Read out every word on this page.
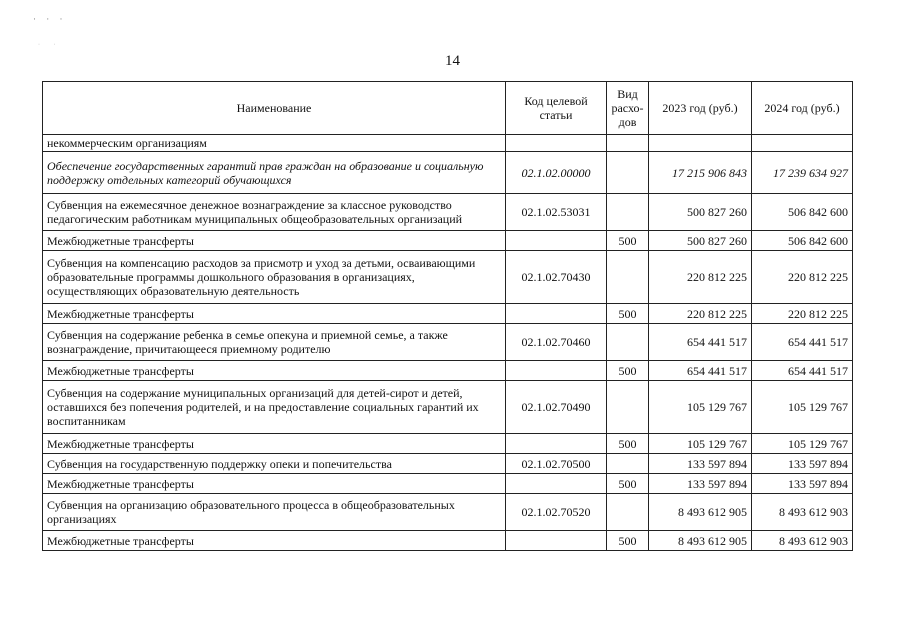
· · ·
· ·
14
Наименование	Код целевой статьи	Вид расхо- дов	2023 год (руб.)	2024 год (руб.)
некоммерческим организациям				
Обеспечение государственных гарантий прав граждан на образование и социальную поддержку отдельных категорий обучающихся	02.1.02.00000		17 215 906 843	17 239 634 927
Субвенция на ежемесячное денежное вознаграждение за классное руководство педагогическим работникам муниципальных общеобразовательных организаций	02.1.02.53031		500 827 260	506 842 600
Межбюджетные трансферты		500	500 827 260	506 842 600
Субвенция на компенсацию расходов за присмотр и уход за детьми, осваивающими образовательные программы дошкольного образования в организациях, осуществляющих образовательную деятельность	02.1.02.70430		220 812 225	220 812 225
Межбюджетные трансферты		500	220 812 225	220 812 225
Субвенция на содержание ребенка в семье опекуна и приемной семье, а также вознаграждение, причитающееся приемному родителю	02.1.02.70460		654 441 517	654 441 517
Межбюджетные трансферты		500	654 441 517	654 441 517
Субвенция на содержание муниципальных организаций для детей-сирот и детей, оставшихся без попечения родителей, и на предоставление социальных гарантий их воспитанникам	02.1.02.70490		105 129 767	105 129 767
Межбюджетные трансферты		500	105 129 767	105 129 767
Субвенция на государственную поддержку опеки и попечительства	02.1.02.70500		133 597 894	133 597 894
Межбюджетные трансферты		500	133 597 894	133 597 894
Субвенция на организацию образовательного процесса в общеобразовательных организациях	02.1.02.70520		8 493 612 905	8 493 612 903
Межбюджетные трансферты		500	8 493 612 905	8 493 612 903
